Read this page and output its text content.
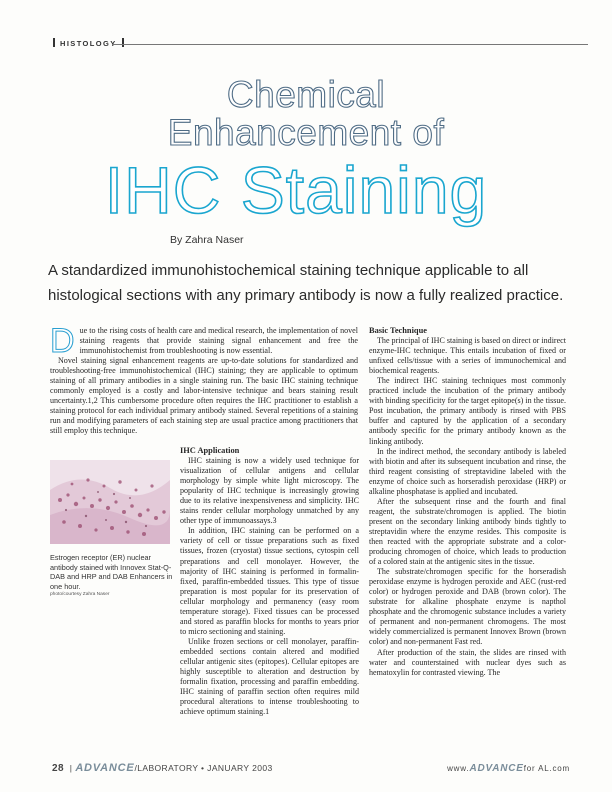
HISTOLOGY
Chemical
Enhancement of
IHC Staining
By Zahra Naser
A standardized immunohistochemical staining technique applicable to all histological sections with any primary antibody is now a fully realized practice.
D ue to the rising costs of health care and medical research, the implementation of novel staining reagents that provide staining signal enhancement and free the immunohistochemist from troubleshooting is now essential.

Novel staining signal enhancement reagents are up-to-date solutions for standardized and troubleshooting-free immunohistochemical (IHC) staining; they are applicable to optimum staining of all primary antibodies in a single staining run. The basic IHC staining technique commonly employed is a costly and labor-intensive technique and bears staining result uncertainty.1,2 This cumbersome procedure often requires the IHC practitioner to establish a staining protocol for each individual primary antibody stained. Several repetitions of a staining run and modifying parameters of each staining step are usual practice among practitioners that still employ this technique.

Estrogen receptor (ER) nuclear antibody stained with Innovex Stat-Q-DAB and HRP and DAB Enhancers in one hour.
photo/courtesy Zahra Naser
IHC Application

IHC staining is now a widely used technique for visualization of cellular antigens and cellular morphology by simple white light microscopy. The popularity of IHC technique is increasingly growing due to its relative inexpensiveness and simplicity. IHC stains render cellular morphology unmatched by any other type of immunoassays.3

In addition, IHC staining can be performed on a variety of cell or tissue preparations such as fixed tissues, frozen (cryostat) tissue sections, cytospin cell preparations and cell monolayer. However, the majority of IHC staining is performed in formalin-fixed, paraffin-embedded tissues. This type of tissue preparation is most popular for its preservation of cellular morphology and permanency (easy room temperature storage). Fixed tissues can be processed and stored as paraffin blocks for months to years prior to micro sectioning and staining.

Unlike frozen sections or cell monolayer, paraffin-embedded sections contain altered and modified cellular antigenic sites (epitopes). Cellular epitopes are highly susceptible to alteration and destruction by formalin fixation, processing and paraffin embedding. IHC staining of paraffin section often requires mild procedural alterations to intense troubleshooting to achieve optimum staining.1

Basic Technique

The principal of IHC staining is based on direct or indirect enzyme-IHC technique. This entails incubation of fixed or unfixed cells/tissue with a series of immunochemical and biochemical reagents.

The indirect IHC staining techniques most commonly practiced include the incubation of the primary antibody with binding specificity for the target epitope(s) in the tissue. Post incubation, the primary antibody is rinsed with PBS buffer and captured by the application of a secondary antibody specific for the primary antibody known as the linking antibody.

In the indirect method, the secondary antibody is labeled with biotin and after its subsequent incubation and rinse, the third reagent consisting of streptavidine labeled with the enzyme of choice such as horseradish peroxidase (HRP) or alkaline phosphatase is applied and incubated.

After the subsequent rinse and the fourth and final reagent, the substrate/chromogen is applied. The biotin present on the secondary linking antibody binds tightly to streptavidin where the enzyme resides. This composite is then reacted with the appropriate substrate and a color-producing chromogen of choice, which leads to production of a colored stain at the antigenic sites in the tissue.

The substrate/chromogen specific for the horseradish peroxidase enzyme is hydrogen peroxide and AEC (rust-red color) or hydrogen peroxide and DAB (brown color). The substrate for alkaline phosphate enzyme is napthol phosphate and the chromogenic substance includes a variety of permanent and non-permanent chromogens. The most widely commercialized is permanent Innovex Brown (brown color) and non-permanent Fast red.

After production of the stain, the slides are rinsed with water and counterstained with nuclear dyes such as hematoxylin for contrasted viewing. The

28 | ADVANCE/LABORATORY • JANUARY 2003	www.ADVANCEfor AL.com
